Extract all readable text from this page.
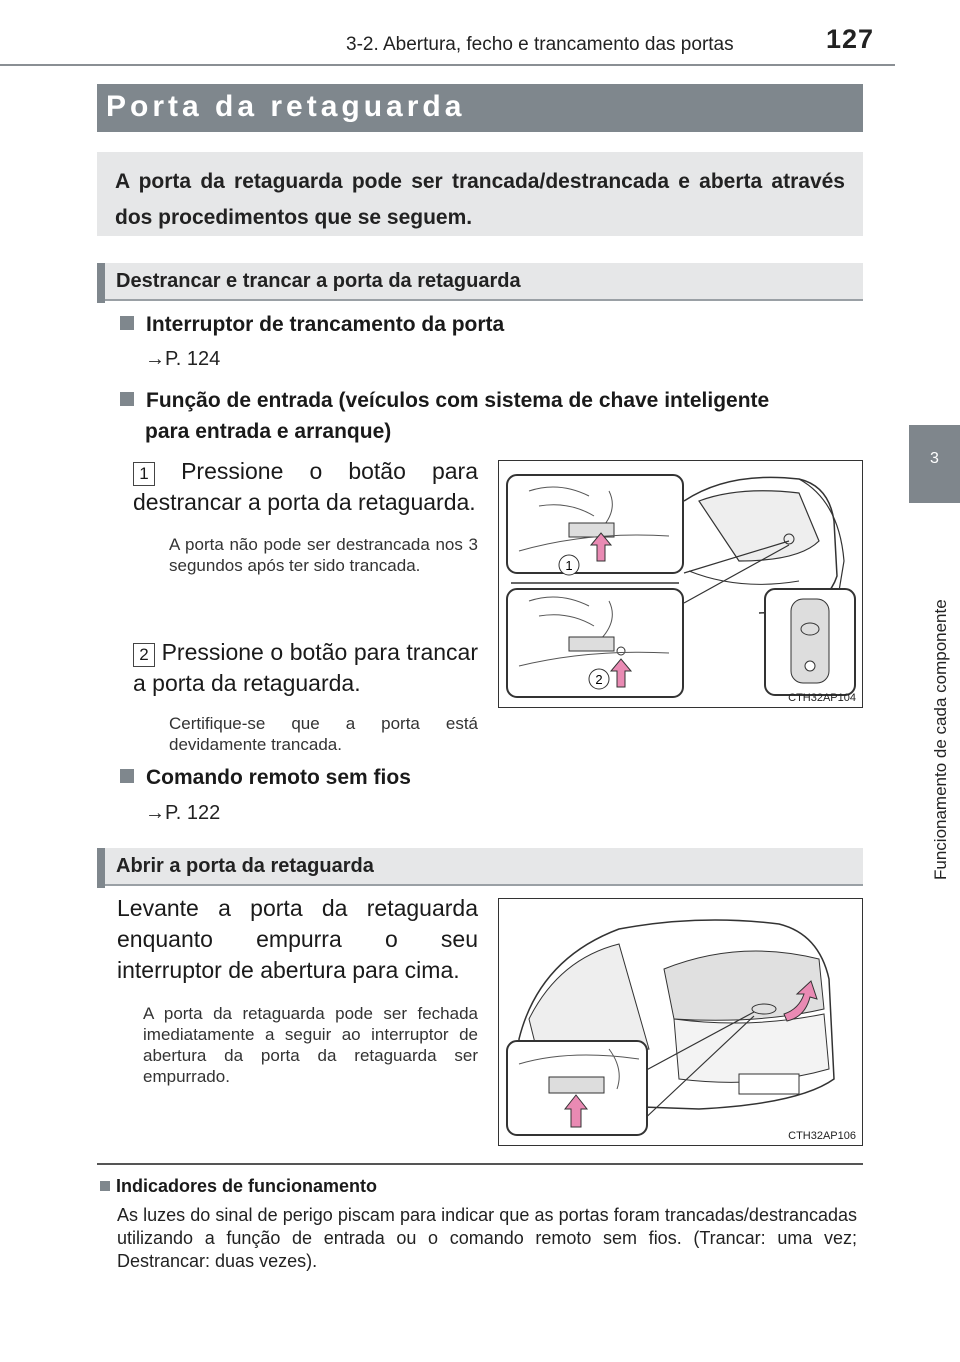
3-2. Abertura, fecho e trancamento das portas	127
3
Funcionamento de cada componente
Porta da retaguarda
A porta da retaguarda pode ser trancada/destrancada e aberta através dos procedimentos que se seguem.
Destrancar e trancar a porta da retaguarda
Interruptor de trancamento da porta
→P. 124
Função de entrada (veículos com sistema de chave inteligente
para entrada e arranque)
1 Pressione o botão para destrancar a porta da retaguarda.
A porta não pode ser destrancada nos 3 segundos após ter sido trancada.
2 Pressione o botão para trancar a porta da retaguarda.
Certifique-se que a porta está devidamente trancada.
1
2
CTH32AP104
Comando remoto sem fios
→P. 122
Abrir a porta da retaguarda
Levante a porta da retaguarda enquanto empurra o seu interruptor de abertura para cima.
A porta da retaguarda pode ser fechada imediatamente a seguir ao interruptor de abertura da porta da retaguarda ser empurrado.
CTH32AP106
Indicadores de funcionamento
As luzes do sinal de perigo piscam para indicar que as portas foram trancadas/destrancadas utilizando a função de entrada ou o comando remoto sem fios. (Trancar: uma vez; Destrancar: duas vezes).
